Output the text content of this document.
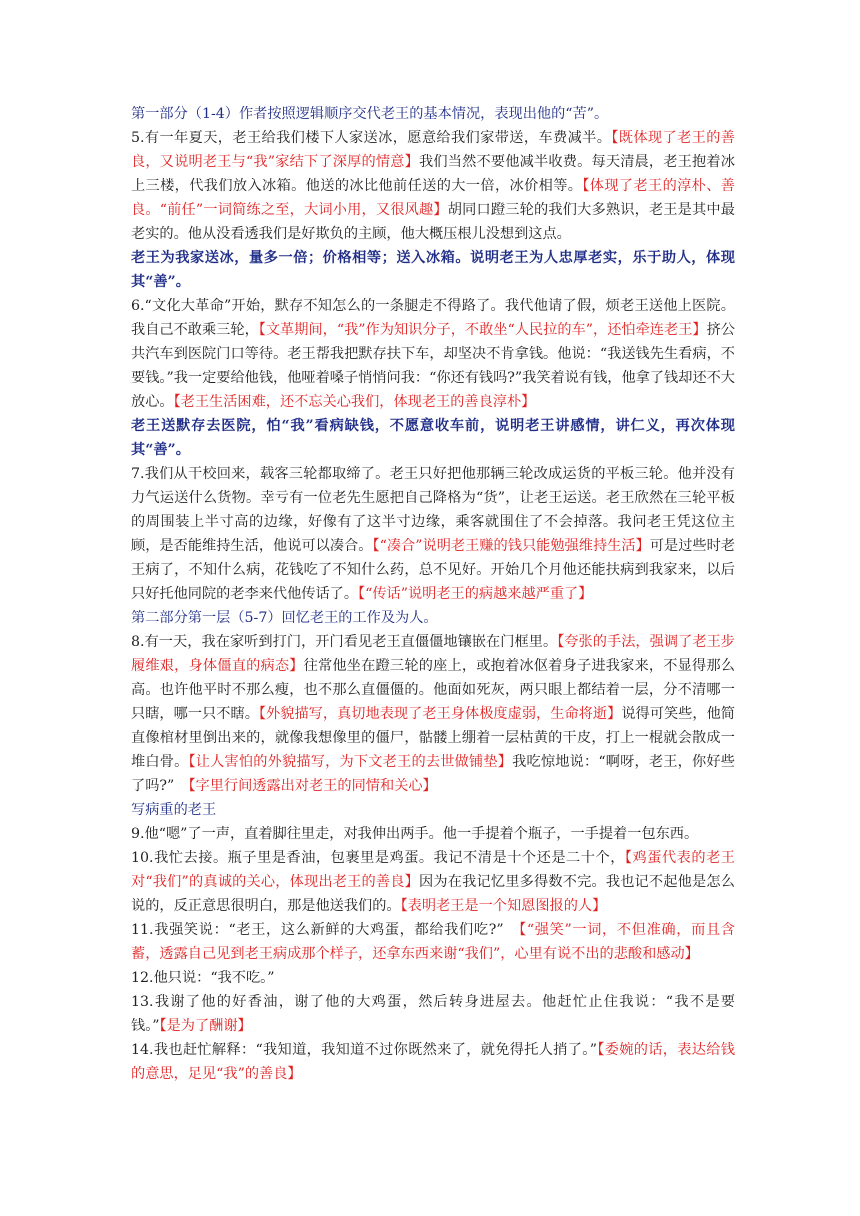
第一部分（1-4）作者按照逻辑顺序交代老王的基本情况，表现出他的“苦”。

5.有一年夏天，老王给我们楼下人家送冰，愿意给我们家带送，车费减半。【既体现了老王的善良，又说明老王与“我”家结下了深厚的情意】我们当然不要他减半收费。每天清晨，老王抱着冰上三楼，代我们放入冰箱。他送的冰比他前任送的大一倍，冰价相等。【体现了老王的淳朴、善良。“前任”一词简练之至，大词小用，又很风趣】胡同口蹬三轮的我们大多熟识，老王是其中最老实的。他从没看透我们是好欺负的主顾，他大概压根儿没想到这点。

老王为我家送冰，量多一倍；价格相等；送入冰箱。说明老王为人忠厚老实，乐于助人，体现其“善”。

6.“文化大革命”开始，默存不知怎么的一条腿走不得路了。我代他请了假，烦老王送他上医院。我自己不敢乘三轮，【文革期间，“我”作为知识分子，不敢坐“人民拉的车”，还怕牵连老王】挤公共汽车到医院门口等待。老王帮我把默存扶下车，却坚决不肯拿钱。他说：“我送钱先生看病，不要钱。”我一定要给他钱，他哑着嗓子悄悄问我：“你还有钱吗?”我笑着说有钱，他拿了钱却还不大放心。【老王生活困难，还不忘关心我们，体现老王的善良淳朴】

老王送默存去医院，怕“我”看病缺钱，不愿意收车前，说明老王讲感情，讲仁义，再次体现其“善”。

7.我们从干校回来，载客三轮都取缔了。老王只好把他那辆三轮改成运货的平板三轮。他并没有力气运送什么货物。幸亏有一位老先生愿把自己降格为“货”，让老王运送。老王欣然在三轮平板的周围装上半寸高的边缘，好像有了这半寸边缘，乘客就围住了不会掉落。我问老王凭这位主顾，是否能维持生活，他说可以凑合。【“凑合”说明老王赚的钱只能勉强维持生活】可是过些时老王病了，不知什么病，花钱吃了不知什么药，总不见好。开始几个月他还能扶病到我家来，以后只好托他同院的老李来代他传话了。【“传话”说明老王的病越来越严重了】

第二部分第一层（5-7）回忆老王的工作及为人。

8.有一天，我在家听到打门，开门看见老王直僵僵地镶嵌在门框里。【夸张的手法，强调了老王步履维艰，身体僵直的病态】往常他坐在蹬三轮的座上，或抱着冰伛着身子进我家来，不显得那么高。也许他平时不那么瘦，也不那么直僵僵的。他面如死灰，两只眼上都结着一层，分不清哪一只瞎，哪一只不瞎。【外貌描写，真切地表现了老王身体极度虚弱，生命将逝】说得可笑些，他简直像棺材里倒出来的，就像我想像里的僵尸，骷髅上绷着一层枯黄的干皮，打上一棍就会散成一堆白骨。【让人害怕的外貌描写，为下文老王的去世做铺垫】我吃惊地说：“啊呀，老王，你好些了吗?”　【字里行间透露出对老王的同情和关心】

写病重的老王

9.他“嗯”了一声，直着脚往里走，对我伸出两手。他一手提着个瓶子，一手提着一包东西。

10.我忙去接。瓶子里是香油，包裹里是鸡蛋。我记不清是十个还是二十个，【鸡蛋代表的老王对“我们”的真诚的关心，体现出老王的善良】因为在我记忆里多得数不完。我也记不起他是怎么说的，反正意思很明白，那是他送我们的。【表明老王是一个知恩图报的人】

11.我强笑说：“老王，这么新鲜的大鸡蛋，都给我们吃?”　【“强笑”一词，不但准确，而且含蓄，透露自己见到老王病成那个样子，还拿东西来谢“我们”，心里有说不出的悲酸和感动】

12.他只说：“我不吃。”

13.我谢了他的好香油，谢了他的大鸡蛋，然后转身进屋去。他赶忙止住我说：“我不是要钱。”【是为了酬谢】

14.我也赶忙解释：“我知道，我知道不过你既然来了，就免得托人捎了。”【委婉的话，表达给钱的意思，足见“我”的善良】
